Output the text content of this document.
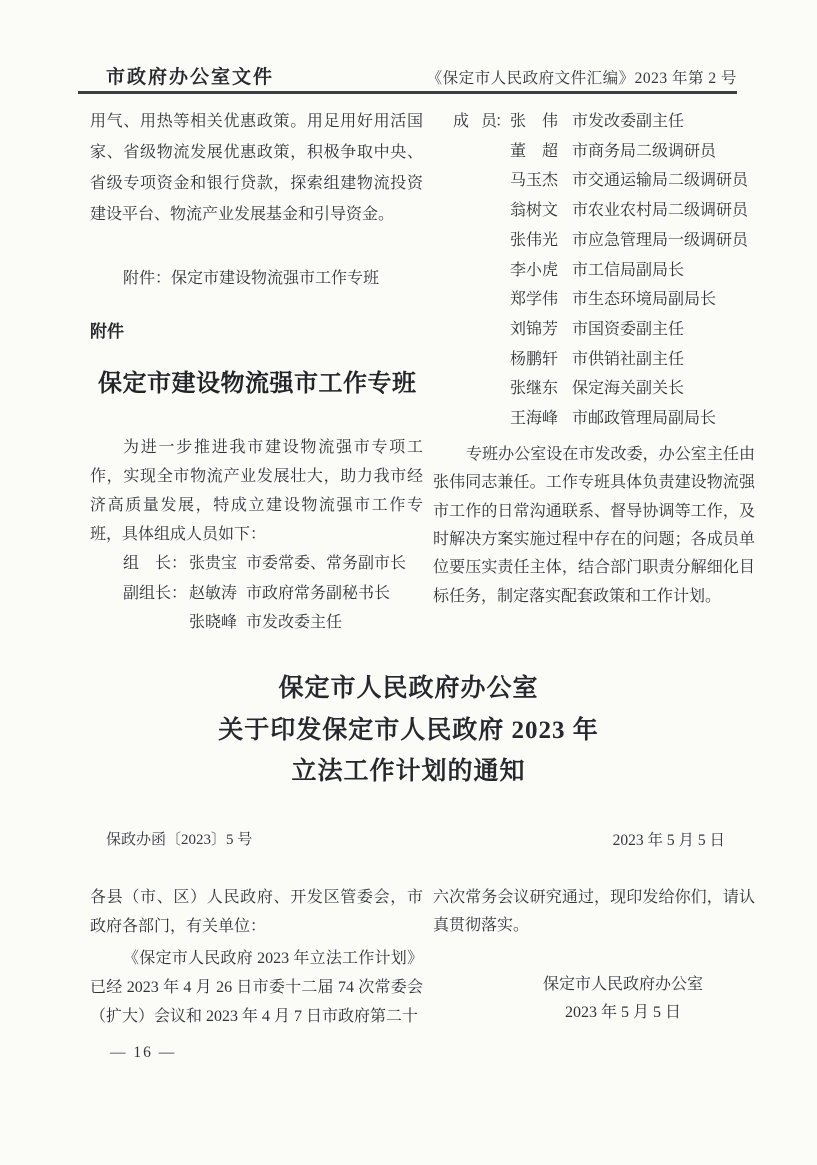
市政府办公室文件	《保定市人民政府文件汇编》2023 年第 2 号

用气、用热等相关优惠政策。用足用好用活国家、省级物流发展优惠政策，积极争取中央、省级专项资金和银行贷款，探索组建物流投资建设平台、物流产业发展基金和引导资金。

附件：保定市建设物流强市工作专班

附件

保定市建设物流强市工作专班

为进一步推进我市建设物流强市专项工作，实现全市物流产业发展壮大，助力我市经济高质量发展，特成立建设物流强市工作专班，具体组成人员如下：

组　长： 张贵宝 市委常委、常务副市长
副组长： 赵敏涛 市政府常务副秘书长
张晓峰 市发改委主任
成　员： 张　伟 市发改委副主任
董　超 市商务局二级调研员
马玉杰 市交通运输局二级调研员
翁树文 市农业农村局二级调研员
张伟光 市应急管理局一级调研员
李小虎 市工信局副局长
郑学伟 市生态环境局副局长
刘锦芳 市国资委副主任
杨鹏轩 市供销社副主任
张继东 保定海关副关长
王海峰 市邮政管理局副局长

专班办公室设在市发改委，办公室主任由张伟同志兼任。工作专班具体负责建设物流强市工作的日常沟通联系、督导协调等工作，及时解决方案实施过程中存在的问题；各成员单位要压实责任主体，结合部门职责分解细化目标任务，制定落实配套政策和工作计划。

保定市人民政府办公室
关于印发保定市人民政府 2023 年
立法工作计划的通知
保政办函〔2023〕5 号	2023 年 5 月 5 日

各县（市、区）人民政府、开发区管委会，市政府各部门，有关单位：

《保定市人民政府 2023 年立法工作计划》已经 2023 年 4 月 26 日市委十二届 74 次常委会（扩大）会议和 2023 年 4 月 7 日市政府第二十

六次常务会议研究通过，现印发给你们，请认真贯彻落实。

保定市人民政府办公室
2023 年 5 月 5 日
— 16 —
